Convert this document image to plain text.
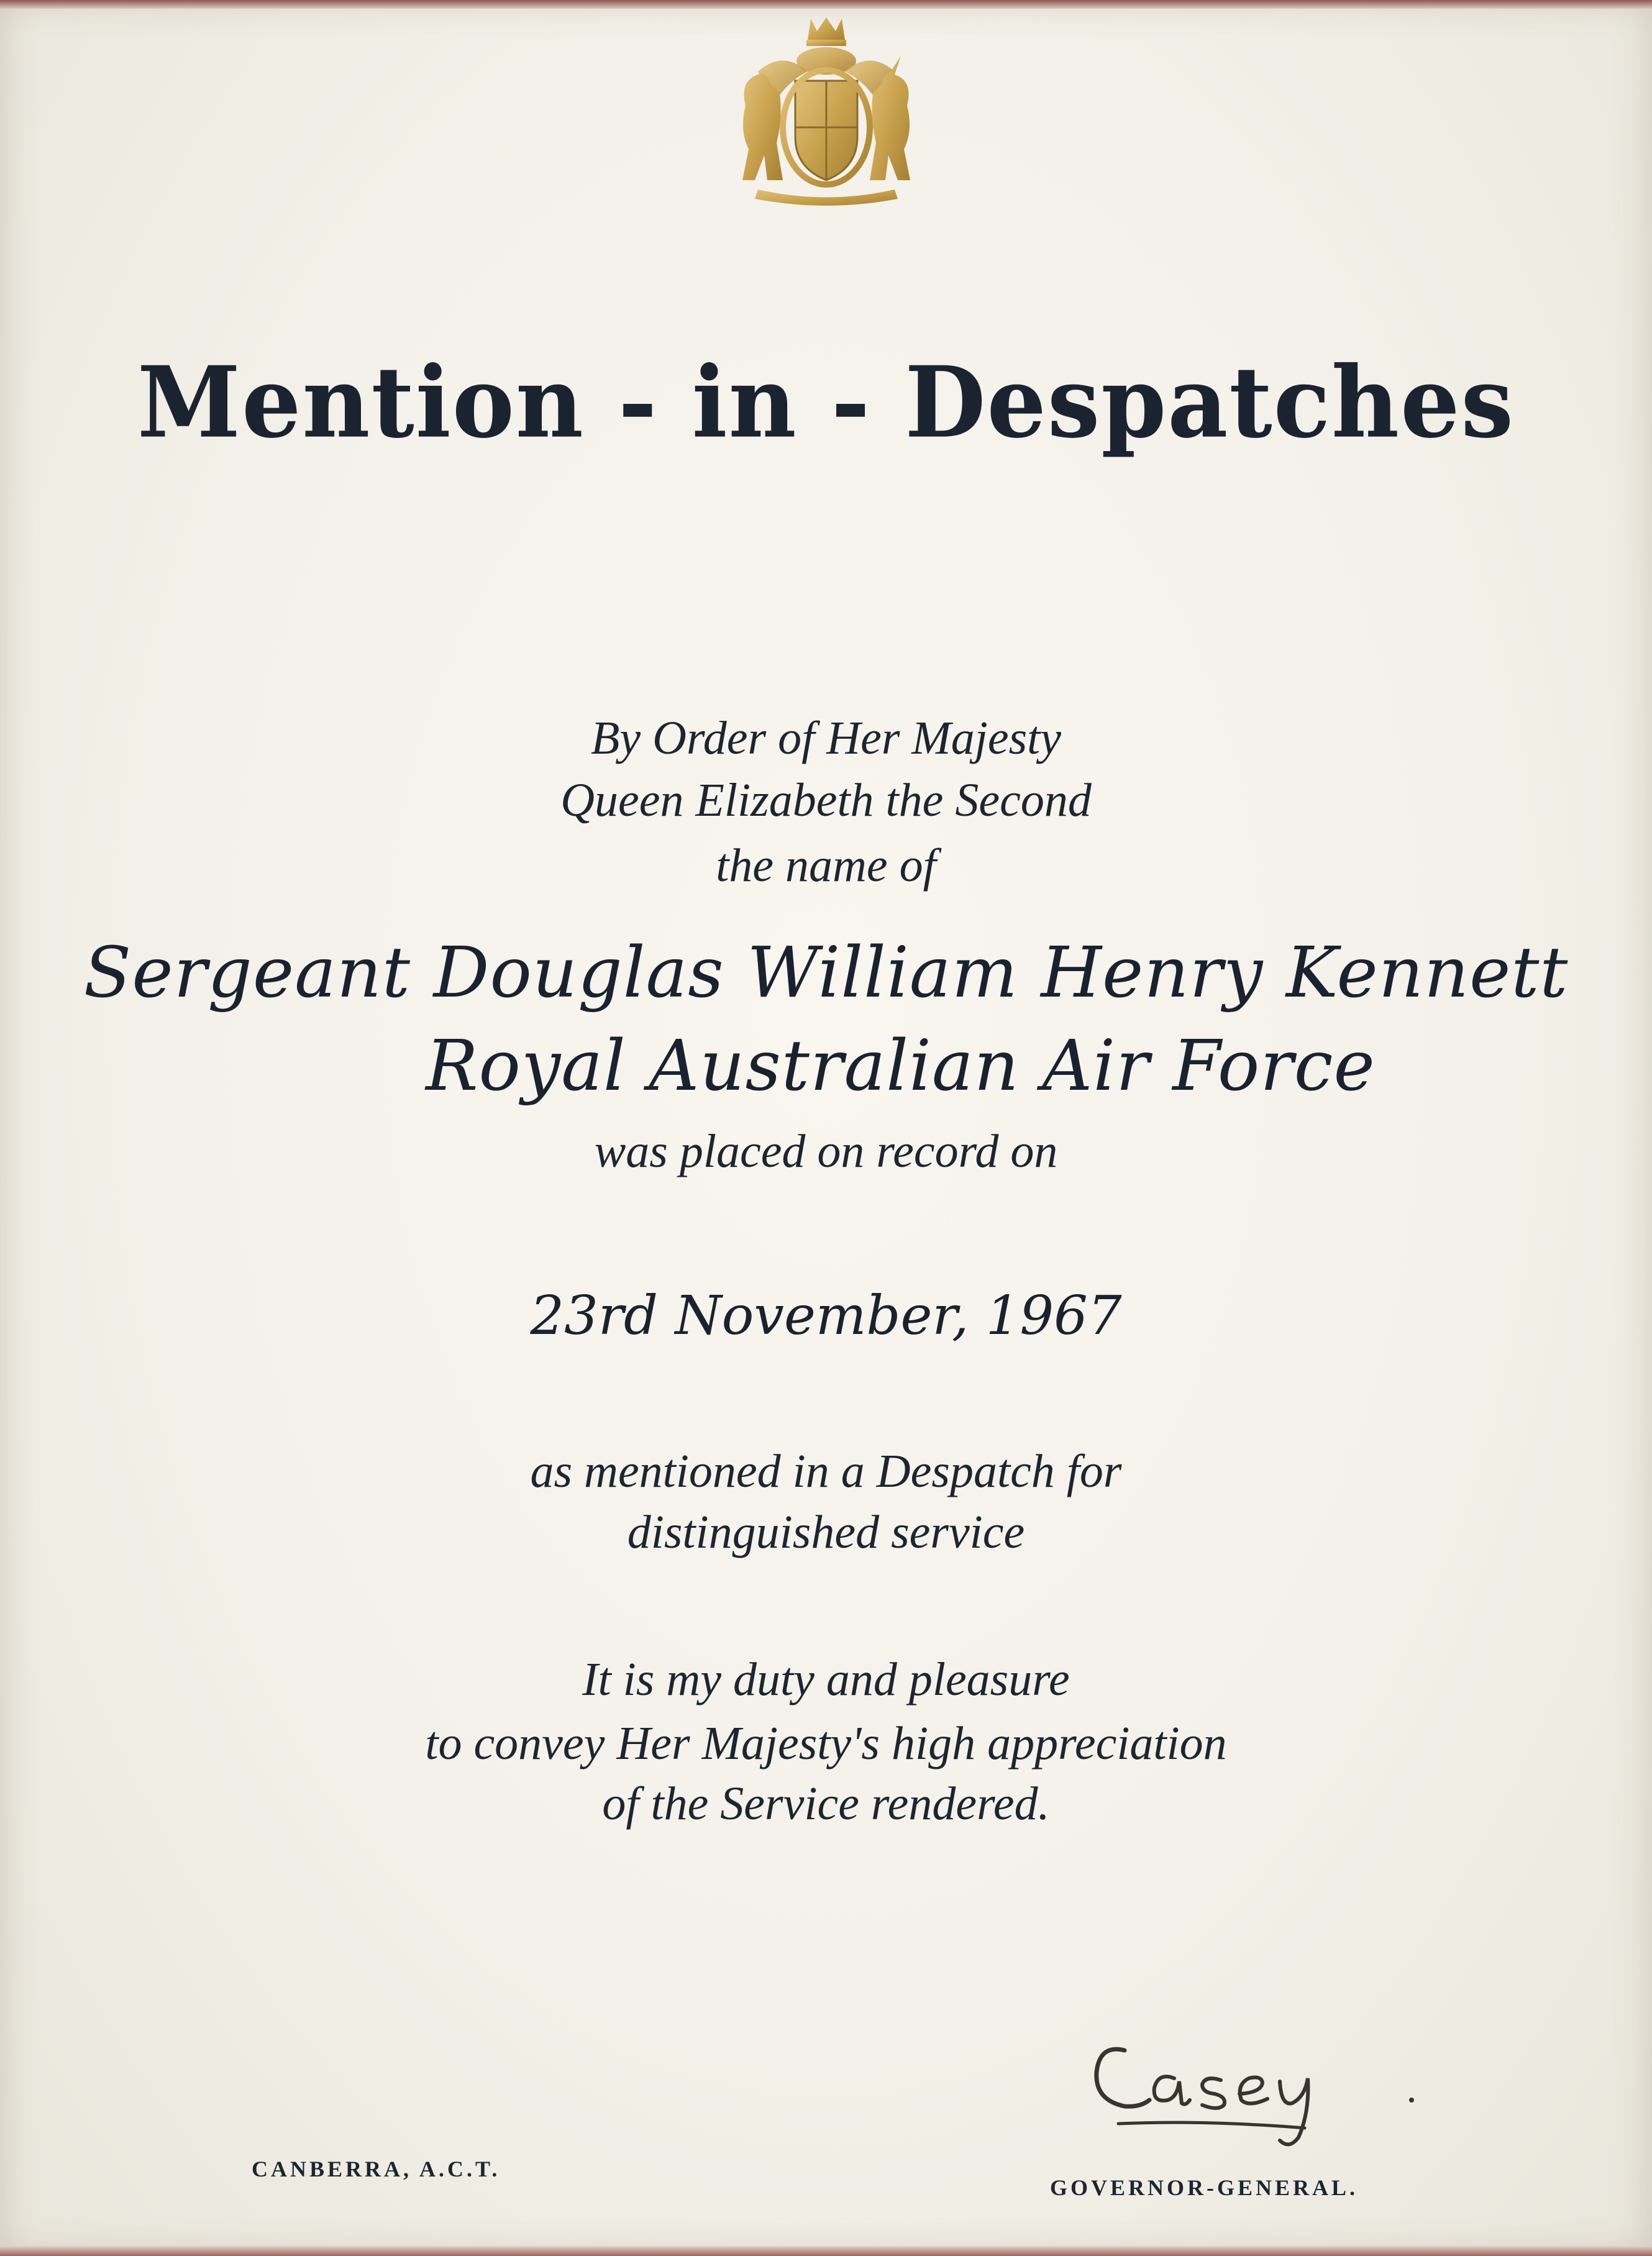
Mention - in - Despatches
By Order of Her Majesty
Queen Elizabeth the Second
the name of
Sergeant Douglas William Henry Kennett
Royal Australian Air Force
was placed on record on
23rd November, 1967
as mentioned in a Despatch for
distinguished service
It is my duty and pleasure
to convey Her Majesty's high appreciation
of the Service rendered.
CANBERRA, A.C.T.
GOVERNOR-GENERAL.
